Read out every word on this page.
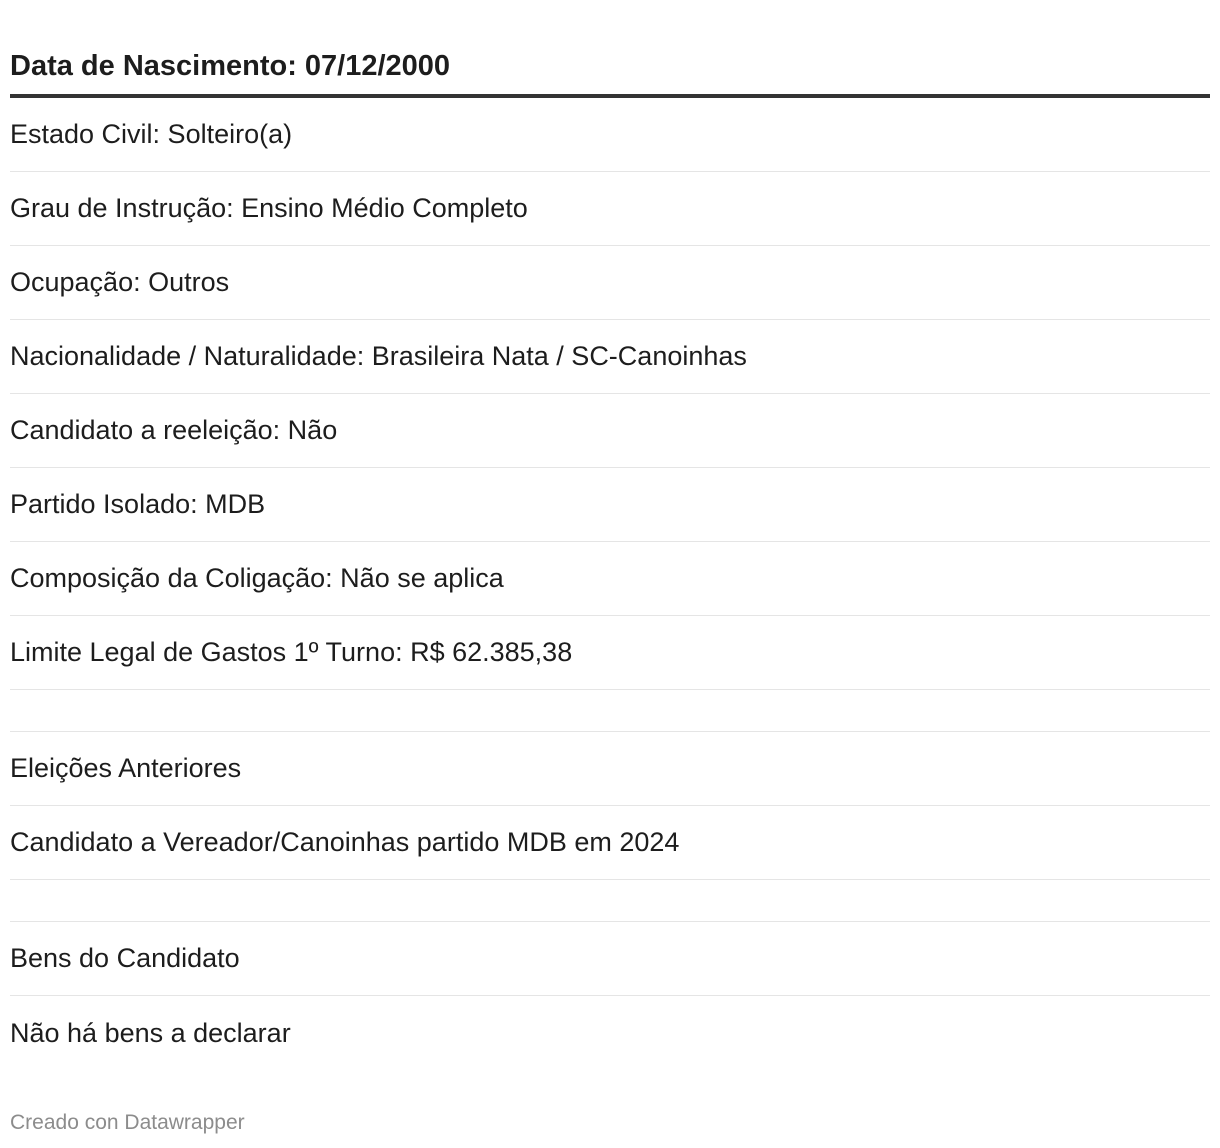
Data de Nascimento: 07/12/2000
Estado Civil: Solteiro(a)
Grau de Instrução: Ensino Médio Completo
Ocupação: Outros
Nacionalidade / Naturalidade: Brasileira Nata / SC-Canoinhas
Candidato a reeleição: Não
Partido Isolado: MDB
Composição da Coligação: Não se aplica
Limite Legal de Gastos 1º Turno: R$ 62.385,38
Eleições Anteriores
Candidato a Vereador/Canoinhas partido MDB em 2024
Bens do Candidato
Não há bens a declarar
Creado con Datawrapper
